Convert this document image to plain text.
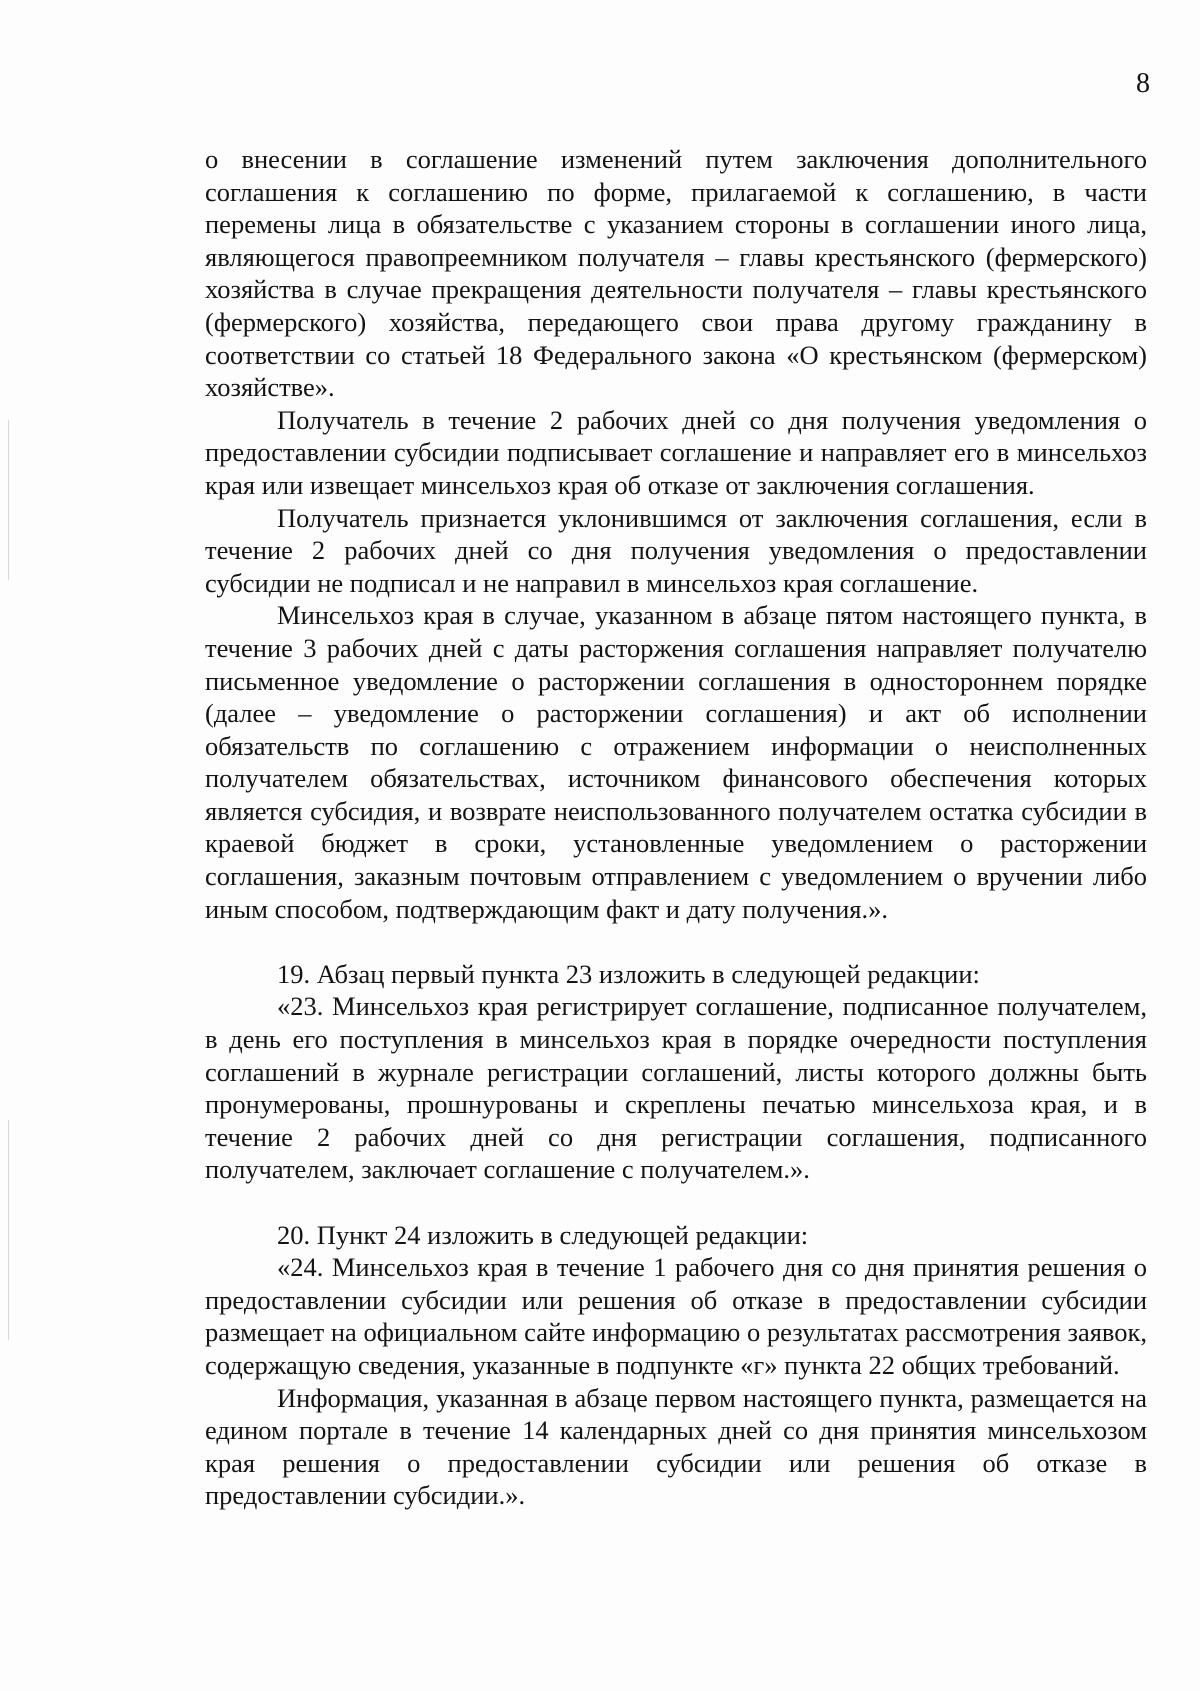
8

о внесении в соглашение изменений путем заключения дополнительного соглашения к соглашению по форме, прилагаемой к соглашению, в части перемены лица в обязательстве с указанием стороны в соглашении иного лица, являющегося правопреемником получателя – главы крестьянского (фермерского) хозяйства в случае прекращения деятельности получателя – главы крестьянского (фермерского) хозяйства, передающего свои права другому гражданину в соответствии со статьей 18 Федерального закона «О крестьянском (фермерском) хозяйстве».

Получатель в течение 2 рабочих дней со дня получения уведомления о предоставлении субсидии подписывает соглашение и направляет его в минсельхоз края или извещает минсельхоз края об отказе от заключения соглашения.

Получатель признается уклонившимся от заключения соглашения, если в течение 2 рабочих дней со дня получения уведомления о предоставлении субсидии не подписал и не направил в минсельхоз края соглашение.

Минсельхоз края в случае, указанном в абзаце пятом настоящего пункта, в течение 3 рабочих дней с даты расторжения соглашения направляет получателю письменное уведомление о расторжении соглашения в одностороннем порядке (далее – уведомление о расторжении соглашения) и акт об исполнении обязательств по соглашению с отражением информации о неисполненных получателем обязательствах, источником финансового обеспечения которых является субсидия, и возврате неиспользованного получателем остатка субсидии в краевой бюджет в сроки, установленные уведомлением о расторжении соглашения, заказным почтовым отправлением с уведомлением о вручении либо иным способом, подтверждающим факт и дату получения.».

19. Абзац первый пункта 23 изложить в следующей редакции:

«23. Минсельхоз края регистрирует соглашение, подписанное получателем, в день его поступления в минсельхоз края в порядке очередности поступления соглашений в журнале регистрации соглашений, листы которого должны быть пронумерованы, прошнурованы и скреплены печатью минсельхоза края, и в течение 2 рабочих дней со дня регистрации соглашения, подписанного получателем, заключает соглашение с получателем.».

20. Пункт 24 изложить в следующей редакции:

«24. Минсельхоз края в течение 1 рабочего дня со дня принятия решения о предоставлении субсидии или решения об отказе в предоставлении субсидии размещает на официальном сайте информацию о результатах рассмотрения заявок, содержащую сведения, указанные в подпункте «г» пункта 22 общих требований.

Информация, указанная в абзаце первом настоящего пункта, размещается на едином портале в течение 14 календарных дней со дня принятия минсельхозом края решения о предоставлении субсидии или решения об отказе в предоставлении субсидии.».
